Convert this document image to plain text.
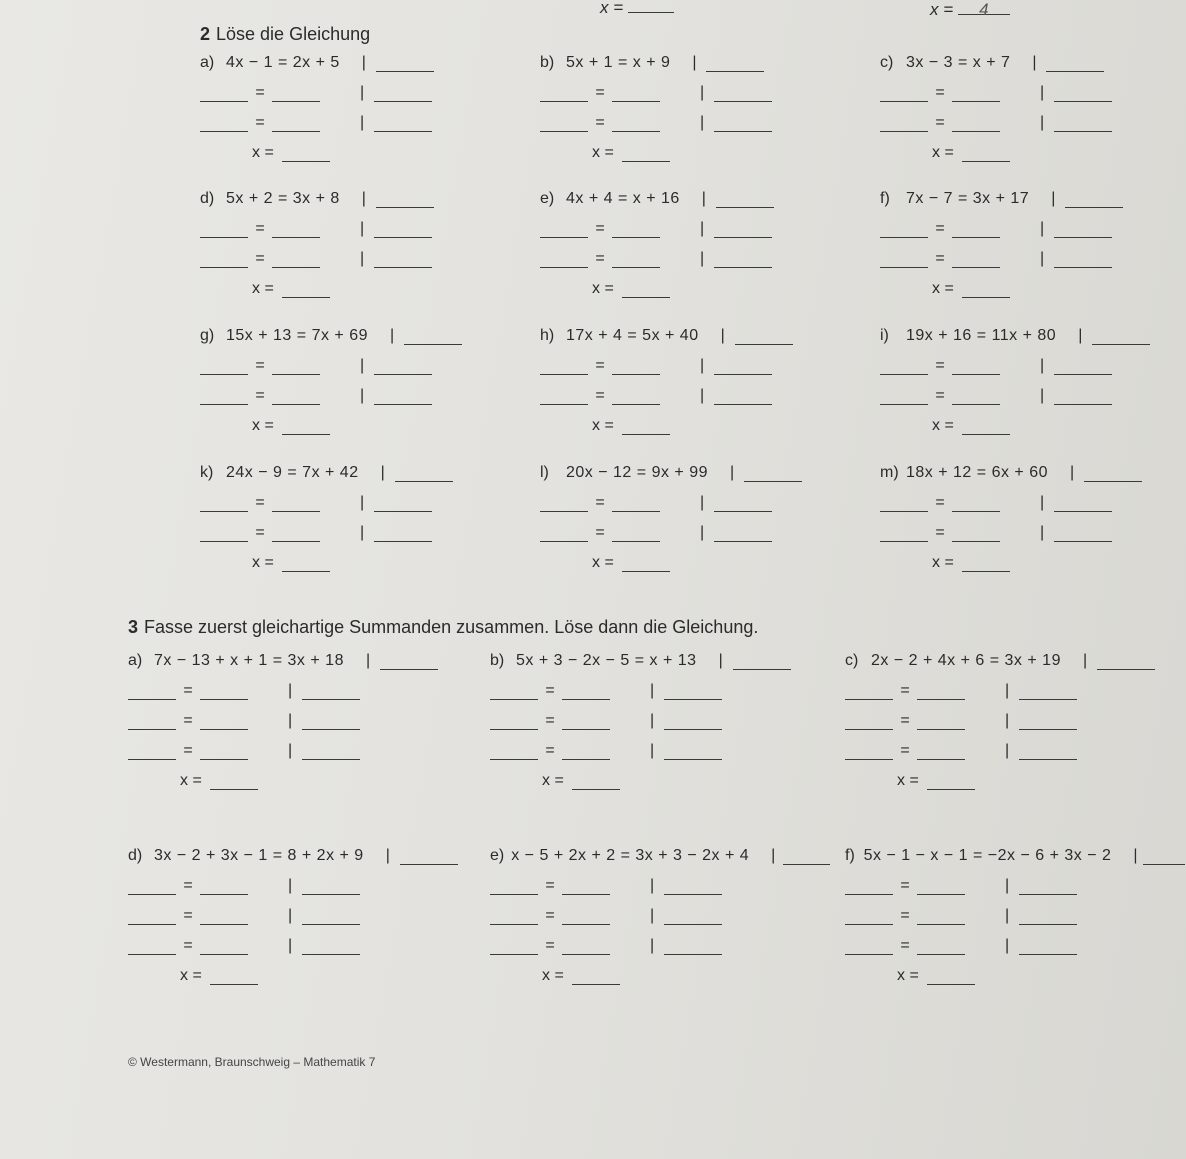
x =	x = 4
2 Löse die Gleichung
a) 4x − 1 = 2x + 5 |
=	|
=	|
x =
b) 5x + 1 = x + 9 |
=	|
=	|
x =
c) 3x − 3 = x + 7 |
=	|
=	|
x =
d) 5x + 2 = 3x + 8 |
=	|
=	|
x =
e) 4x + 4 = x + 16 |
=	|
=	|
x =
f)	7x − 7 = 3x + 17 |
=	|
=	|
x =
g) 15x + 13 = 7x + 69 |
=	|
=	|
x =
h) 17x + 4 = 5x + 40 |
=	|
=	|
x =
i)	19x + 16 = 11x + 80 |
=	|
=	|
x =
k) 24x − 9 = 7x + 42 |
=	|
=	|
x =
l)	20x − 12 = 9x + 99 |
=	|
=	|
x =
m) 18x + 12 = 6x + 60 |
=	|
=	|
x =
3 Fasse zuerst gleichartige Summanden zusammen. Löse dann die Gleichung.
a) 7x − 13 + x + 1 = 3x + 18 |
=	|
=	|
=	|
x =
b) 5x + 3 − 2x − 5 = x + 13 |
=	|
=	|
=	|
x =
c) 2x − 2 + 4x + 6 = 3x + 19 |
=	|
=	|
=	|
x =
d) 3x − 2 + 3x − 1 = 8 + 2x + 9 |
=	|
=	|
=	|
x =
e) x − 5 + 2x + 2 = 3x + 3 − 2x + 4 |
=	|
=	|
=	|
x =
f) 5x − 1 − x − 1 = −2x − 6 + 3x − 2 |
=	|
=	|
=	|
x =
© Westermann, Braunschweig – Mathematik 7
